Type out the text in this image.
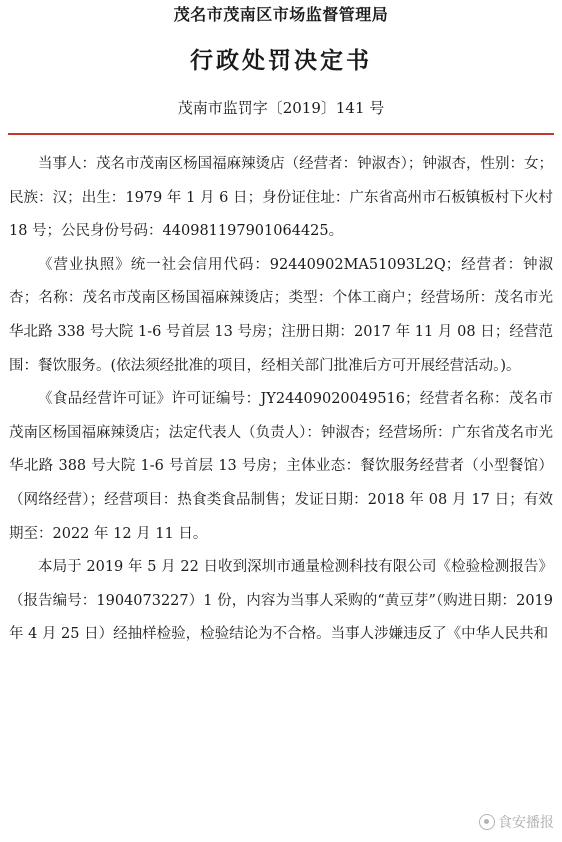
茂名市茂南区市场监督管理局
行政处罚决定书
茂南市监罚字〔2019〕141 号

当事人：茂名市茂南区杨国福麻辣烫店（经营者：钟淑杏）；钟淑杏，性别：女；民族：汉；出生：1979 年 1 月 6 日；身份证住址：广东省高州市石板镇板村下火村 18 号；公民身份号码：440981197901064425。

《营业执照》统一社会信用代码：92440902MA51093L2Q；经营者：钟淑杏；名称：茂名市茂南区杨国福麻辣烫店；类型：个体工商户；经营场所：茂名市光华北路 338 号大院 1-6 号首层 13 号房；注册日期：2017 年 11 月 08 日；经营范围：餐饮服务。(依法须经批准的项目，经相关部门批准后方可开展经营活动。)。

《食品经营许可证》许可证编号：JY24409020049516；经营者名称：茂名市茂南区杨国福麻辣烫店；法定代表人（负责人）：钟淑杏；经营场所：广东省茂名市光华北路 388 号大院 1-6 号首层 13 号房；主体业态：餐饮服务经营者（小型餐馆）（网络经营）；经营项目：热食类食品制售；发证日期：2018 年 08 月 17 日；有效期至：2022 年 12 月 11 日。

本局于 2019 年 5 月 22 日收到深圳市通量检测科技有限公司《检验检测报告》（报告编号：1904073227）1 份，内容为当事人采购的“黄豆芽”（购进日期：2019 年 4 月 25 日）经抽样检验，检验结论为不合格。当事人涉嫌违反了《中华人民共和

食安播报
